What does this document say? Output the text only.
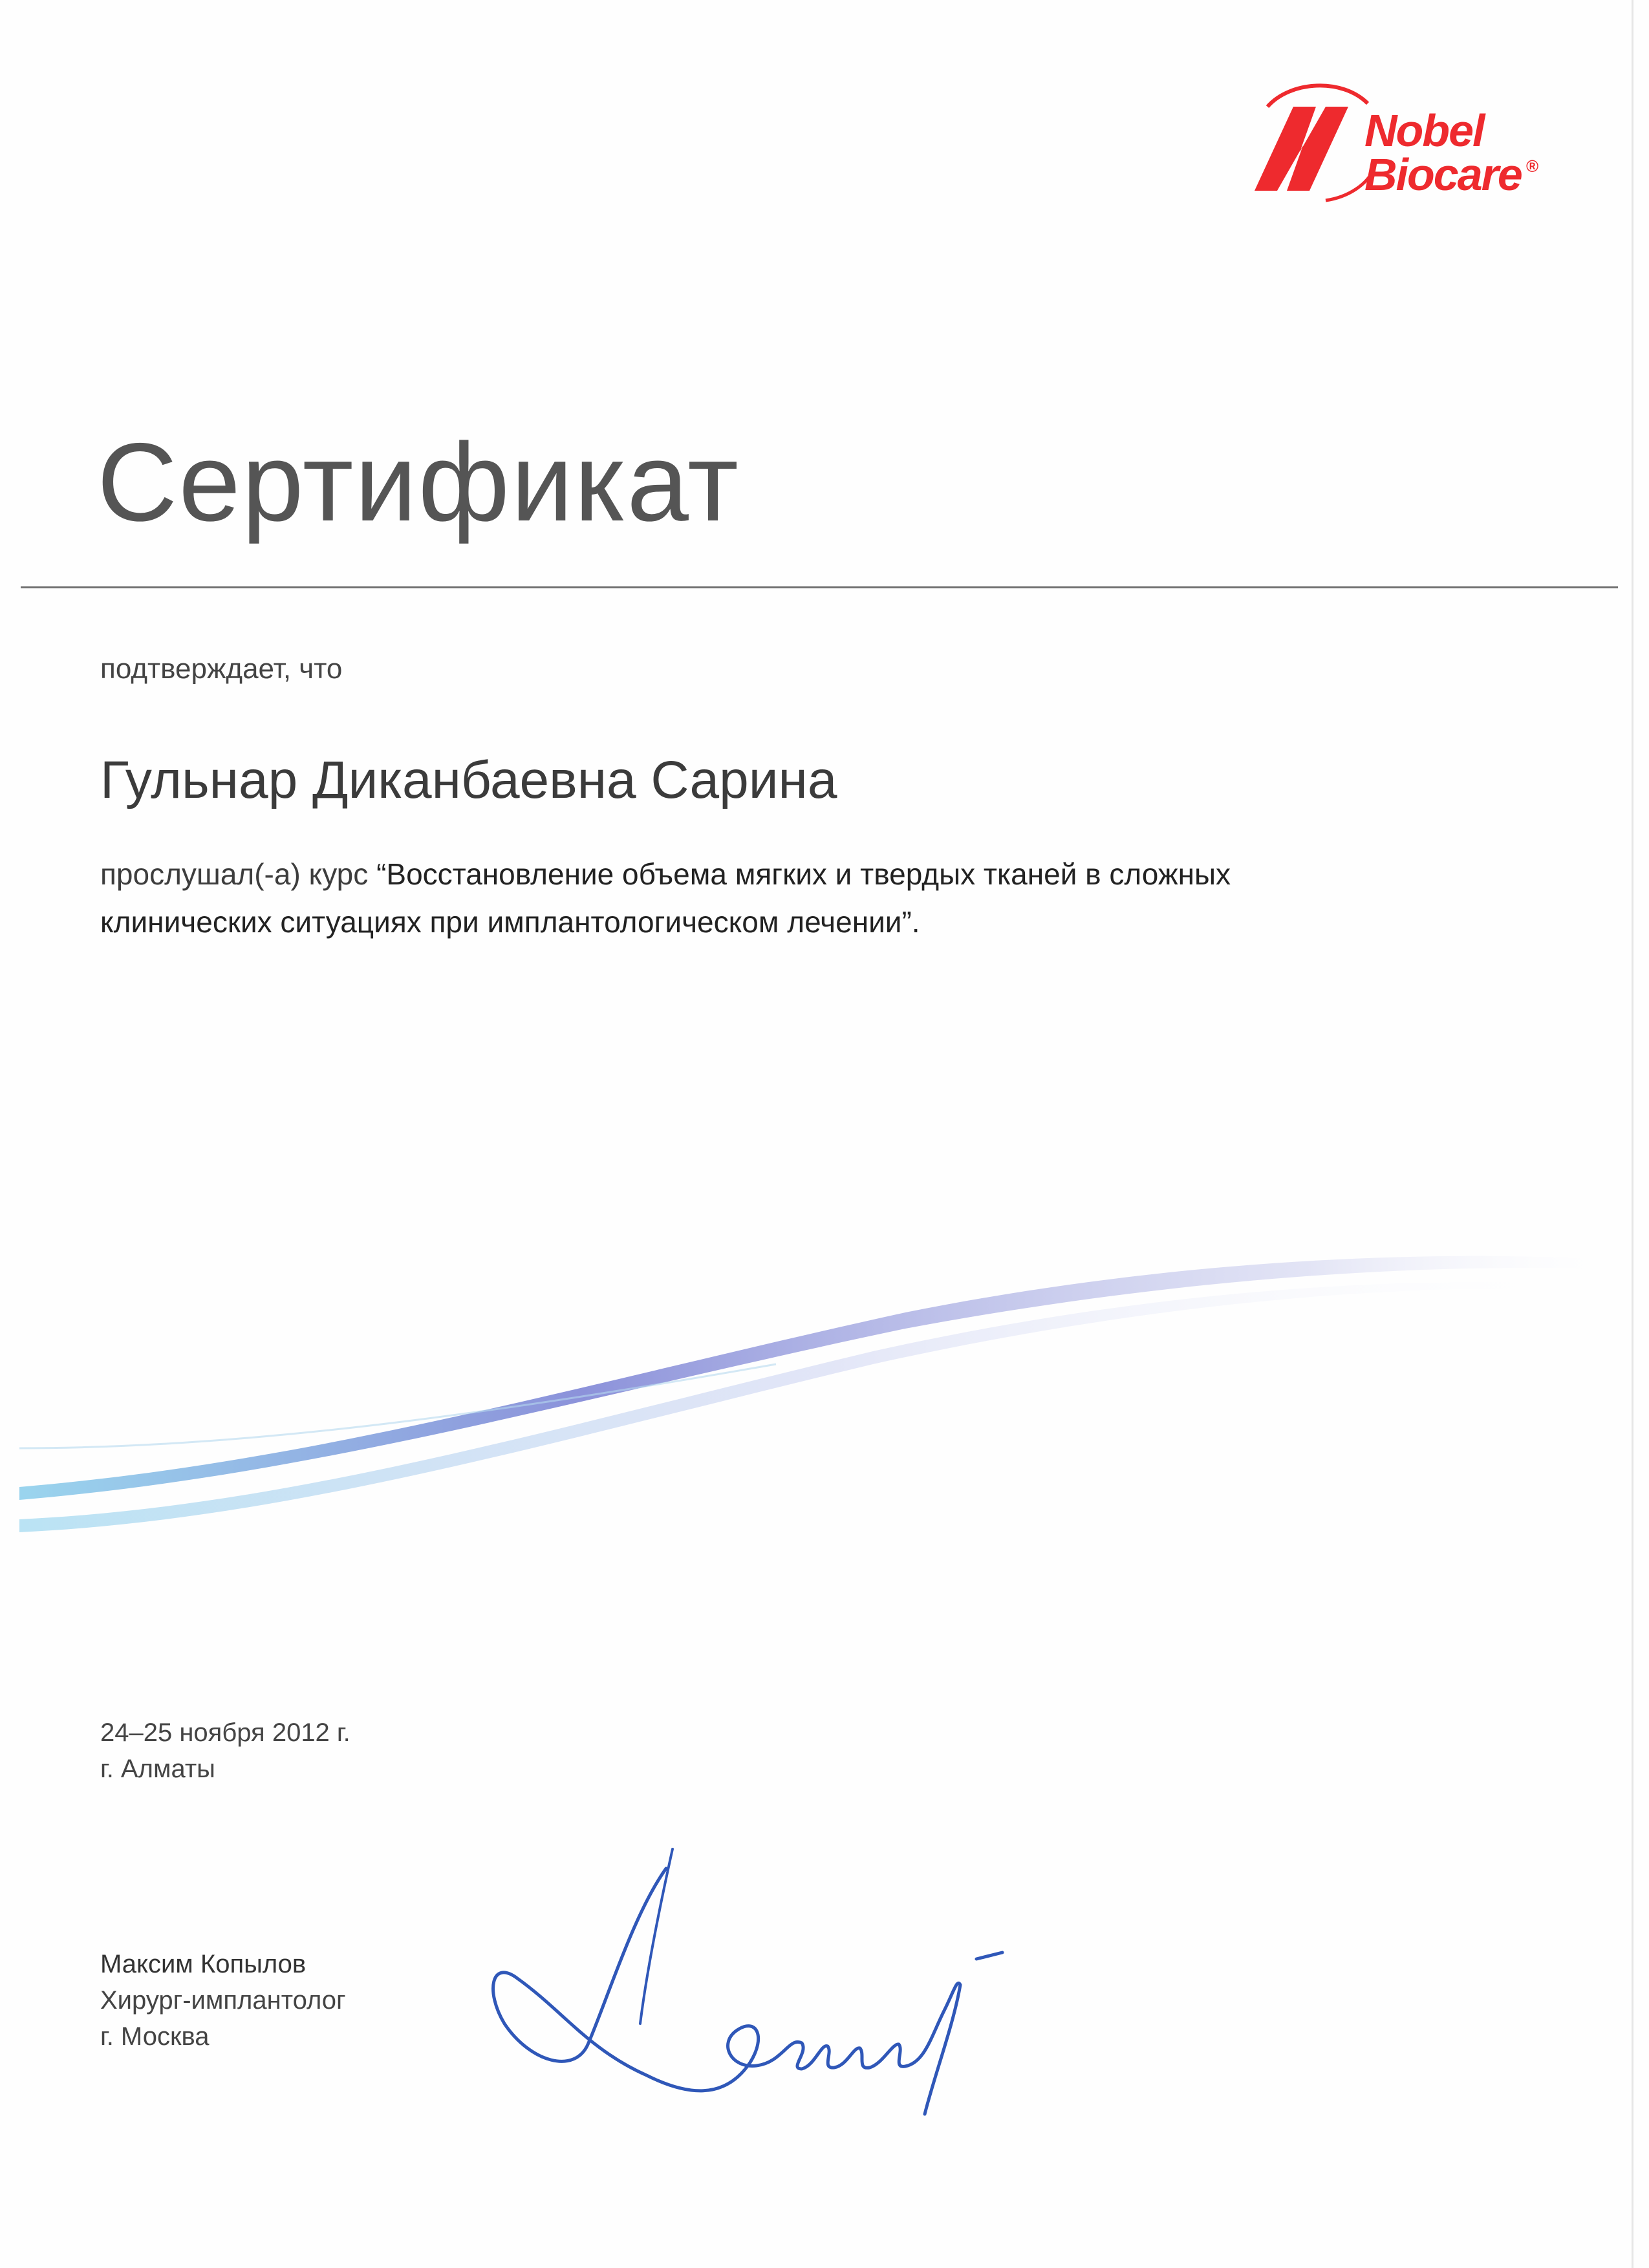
Nobel
Biocare ®
Сертификат
подтверждает, что
Гульнар Диканбаевна Сарина
прослушал(-а) курс “Восстановление объема мягких и твердых тканей в сложных клинических ситуациях при имплантологическом лечении”.
24–25 ноября 2012 г.
г. Алматы
Максим Копылов
Хирург-имплантолог
г. Москва
